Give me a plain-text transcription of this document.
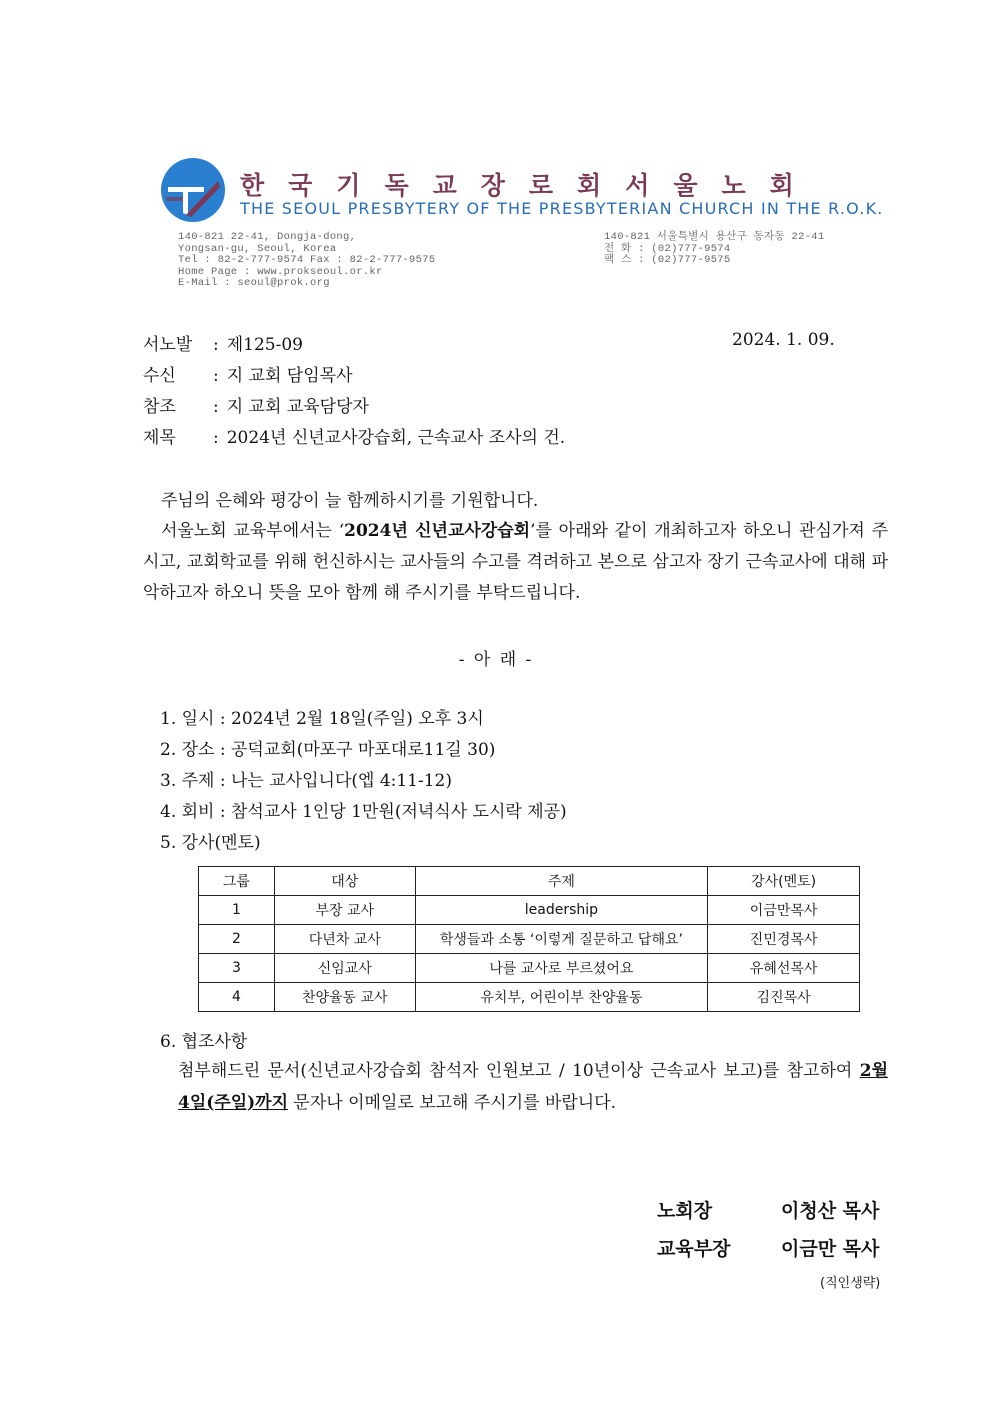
한국기독교장로회서울노회
THE SEOUL PRESBYTERY OF THE PRESBYTERIAN CHURCH IN THE R.O.K.
140-821 22-41, Dongja-dong,
Yongsan-gu, Seoul, Korea
Tel : 82-2-777-9574 Fax : 82-2-777-9575
Home Page : www.prokseoul.or.kr
E-Mail : seoul@prok.org
140-821 서울특별시 용산구 동자동 22-41
전 화 : (02)777-9574
팩 스 : (02)777-9575
서노발 : 제125-09	2024. 1. 09.
수신 : 지 교회 담임목사
참조 : 지 교회 교육담당자
제목 : 2024년 신년교사강습회, 근속교사 조사의 건.
주님의 은혜와 평강이 늘 함께하시기를 기원합니다.
서울노회 교육부에서는 ‘2024년 신년교사강습회’를 아래와 같이 개최하고자 하오니 관심가져 주시고, 교회학교를 위해 헌신하시는 교사들의 수고를 격려하고 본으로 삼고자 장기 근속교사에 대해 파악하고자 하오니 뜻을 모아 함께 해 주시기를 부탁드립니다.
- 아 래 -
1. 일시 : 2024년 2월 18일(주일) 오후 3시
2. 장소 : 공덕교회(마포구 마포대로11길 30)
3. 주제 : 나는 교사입니다(엡 4:11-12)
4. 회비 : 참석교사 1인당 1만원(저녁식사 도시락 제공)
5. 강사(멘토)
그룹	대상	주제	강사(멘토)
1	부장 교사	leadership	이금만목사
2	다년차 교사	학생들과 소통 ‘이렇게 질문하고 답해요’	진민경목사
3	신임교사	나를 교사로 부르셨어요	유혜선목사
4	찬양율동 교사	유치부, 어린이부 찬양율동	김진목사
6. 협조사항
첨부해드린 문서(신년교사강습회 참석자 인원보고 / 10년이상 근속교사 보고)를 참고하여 2월 4일(주일)까지 문자나 이메일로 보고해 주시기를 바랍니다.
노회장	이청산 목사
교육부장	이금만 목사
(직인생략)
